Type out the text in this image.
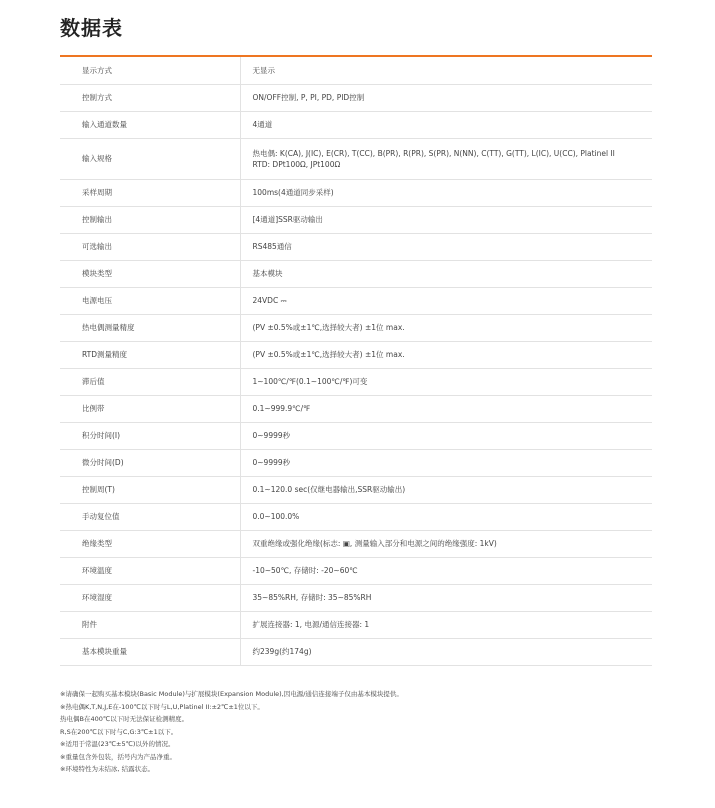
数据表
显示方式	无显示

控制方式	ON/OFF控制, P, PI, PD, PID控制

输入通道数量	4通道

输入规格	热电偶: K(CA), J(IC), E(CR), T(CC), B(PR), R(PR), S(PR), N(NN), C(TT), G(TT), L(IC), U(CC), Platinel II
RTD: DPt100Ω, JPt100Ω

采样周期	100ms(4通道同步采样)

控制输出	[4通道]SSR驱动输出

可选输出	RS485通信

模块类型	基本模块

电源电压	24VDC ⎓

热电偶测量精度	(PV ±0.5%或±1℃,选择较大者) ±1位 max.

RTD测量精度	(PV ±0.5%或±1℃,选择较大者) ±1位 max.

滞后值	1~100℃/℉(0.1~100℃/℉)可变

比例带	0.1~999.9℃/℉

积分时间(I)	0~9999秒

微分时间(D)	0~9999秒

控制周(T)	0.1~120.0 sec(仅继电器输出,SSR驱动输出)

手动复位值	0.0~100.0%

绝缘类型	双重绝缘或强化绝缘(标志: ▣, 测量输入部分和电源之间的绝缘强度: 1kV)

环境温度	-10~50℃, 存储时: -20~60℃

环境湿度	35~85%RH, 存储时: 35~85%RH

附件	扩展连接器: 1, 电源/通信连接器: 1

基本模块重量	约239g(约174g)
※请确保一起购买基本模块(Basic Module)与扩展模块(Expansion Module),因电源/通信连接端子仅由基本模块提供。
※热电偶K,T,N,J,E在-100℃以下时与L,U,Platinel II:±2℃±1位以下。
热电偶B在400℃以下时无法保证检测精度。
R,S在200℃以下时与C,G:3℃±1以下。
※适用于常温(23℃±5℃)以外的情况。
※重量包含外包装，括号内为产品净重。
※环境特性为未结冰, 结露状态。
